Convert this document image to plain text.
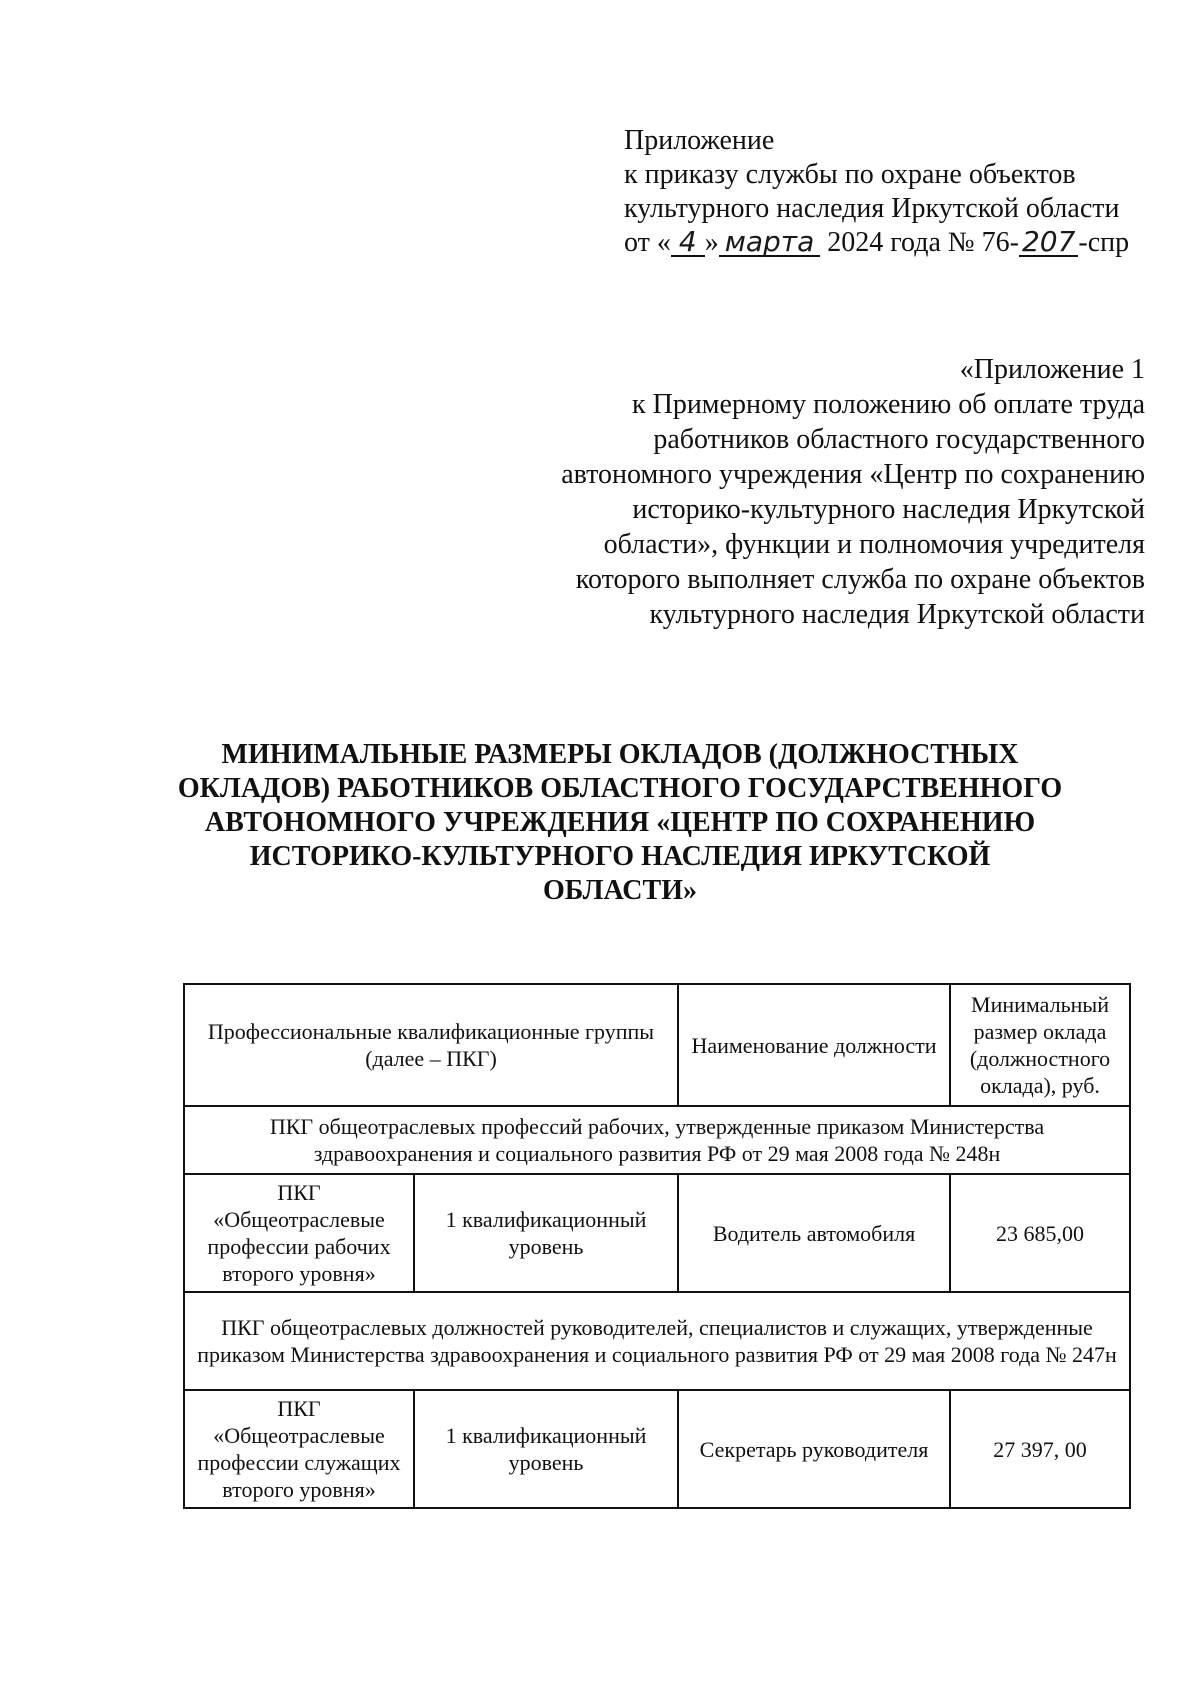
Приложение
к приказу службы по охране объектов
культурного наследия Иркутской области
от « 4 » марта 2024 года № 76- 207 -спр
«Приложение 1
к Примерному положению об оплате труда
работников областного государственного
автономного учреждения «Центр по сохранению
историко-культурного наследия Иркутской
области», функции и полномочия учредителя
которого выполняет служба по охране объектов
культурного наследия Иркутской области
МИНИМАЛЬНЫЕ РАЗМЕРЫ ОКЛАДОВ (ДОЛЖНОСТНЫХ
ОКЛАДОВ) РАБОТНИКОВ ОБЛАСТНОГО ГОСУДАРСТВЕННОГО
АВТОНОМНОГО УЧРЕЖДЕНИЯ «ЦЕНТР ПО СОХРАНЕНИЮ
ИСТОРИКО-КУЛЬТУРНОГО НАСЛЕДИЯ ИРКУТСКОЙ
ОБЛАСТИ»
Профессиональные квалификационные группы (далее – ПКГ)		Наименование должности	Минимальный размер оклада (должностного оклада), руб.
ПКГ общеотраслевых профессий рабочих, утвержденные приказом Министерства здравоохранения и социального развития РФ от 29 мая 2008 года № 248н			
ПКГ «Общеотраслевые профессии рабочих второго уровня»	1 квалификационный уровень	Водитель автомобиля	23 685,00
ПКГ общеотраслевых должностей руководителей, специалистов и служащих, утвержденные приказом Министерства здравоохранения и социального развития РФ от 29 мая 2008 года № 247н			
ПКГ «Общеотраслевые профессии служащих второго уровня»	1 квалификационный уровень	Секретарь руководителя	27 397, 00
